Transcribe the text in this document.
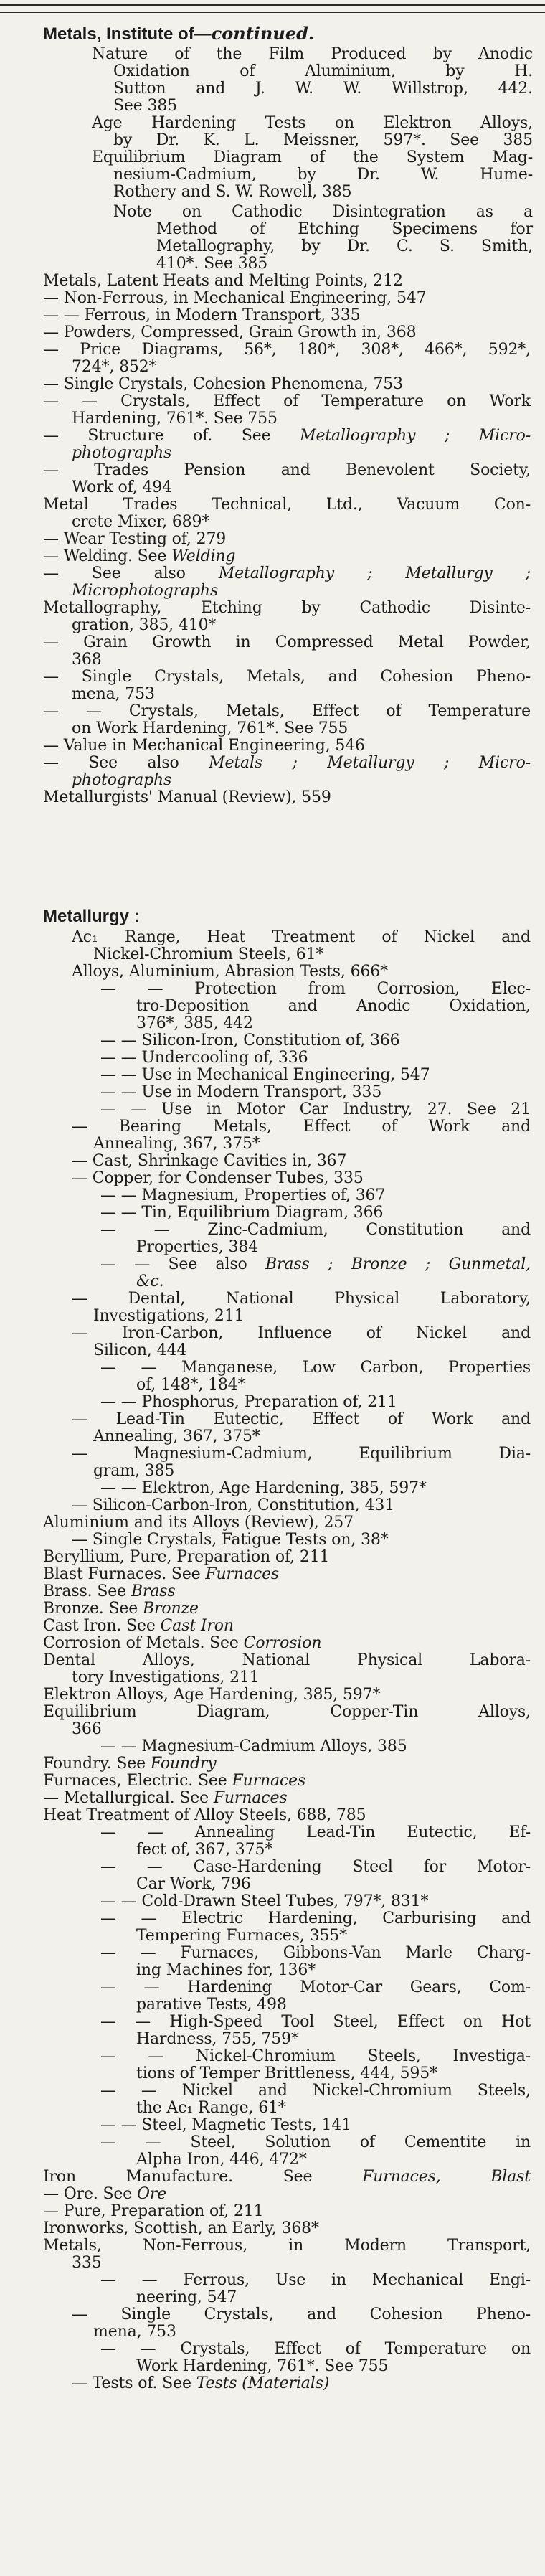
Metals, Institute of—continued.
Metallurgy :
Nature of the Film Produced by Anodic
Oxidation of Aluminium, by H.
Sutton and J. W. W. Willstrop, 442.
See 385
Age Hardening Tests on Elektron Alloys,
by Dr. K. L. Meissner, 597*. See 385
Equilibrium Diagram of the System Mag-
nesium-Cadmium, by Dr. W. Hume-
Rothery and S. W. Rowell, 385
Note on Cathodic Disintegration as a
Method of Etching Specimens for
Metallography, by Dr. C. S. Smith,
410*. See 385
Metals, Latent Heats and Melting Points, 212
— Non-Ferrous, in Mechanical Engineering, 547
— — Ferrous, in Modern Transport, 335
— Powders, Compressed, Grain Growth in, 368
— Price Diagrams, 56*, 180*, 308*, 466*, 592*,
724*, 852*
— Single Crystals, Cohesion Phenomena, 753
— — Crystals, Effect of Temperature on Work
Hardening, 761*. See 755
— Structure of. See Metallography ; Micro-
photographs
— Trades Pension and Benevolent Society,
Work of, 494
Metal Trades Technical, Ltd., Vacuum Con-
crete Mixer, 689*
— Wear Testing of, 279
— Welding. See Welding
— See also Metallography ; Metallurgy ;
Microphotographs
Metallography, Etching by Cathodic Disinte-
gration, 385, 410*
— Grain Growth in Compressed Metal Powder,
368
— Single Crystals, Metals, and Cohesion Pheno-
mena, 753
— — Crystals, Metals, Effect of Temperature
on Work Hardening, 761*. See 755
— Value in Mechanical Engineering, 546
— See also Metals ; Metallurgy ; Micro-
photographs
Metallurgists' Manual (Review), 559
Ac₁ Range, Heat Treatment of Nickel and
Nickel-Chromium Steels, 61*
Alloys, Aluminium, Abrasion Tests, 666*
— — Protection from Corrosion, Elec-
tro-Deposition and Anodic Oxidation,
376*, 385, 442
— — Silicon-Iron, Constitution of, 366
— — Undercooling of, 336
— — Use in Mechanical Engineering, 547
— — Use in Modern Transport, 335
— — Use in Motor Car Industry, 27. See 21
— Bearing Metals, Effect of Work and
Annealing, 367, 375*
— Cast, Shrinkage Cavities in, 367
— Copper, for Condenser Tubes, 335
— — Magnesium, Properties of, 367
— — Tin, Equilibrium Diagram, 366
— — Zinc-Cadmium, Constitution and
Properties, 384
— — See also Brass ; Bronze ; Gunmetal,
&c.
— Dental, National Physical Laboratory,
Investigations, 211
— Iron-Carbon, Influence of Nickel and
Silicon, 444
— — Manganese, Low Carbon, Properties
of, 148*, 184*
— — Phosphorus, Preparation of, 211
— Lead-Tin Eutectic, Effect of Work and
Annealing, 367, 375*
— Magnesium-Cadmium, Equilibrium Dia-
gram, 385
— — Elektron, Age Hardening, 385, 597*
— Silicon-Carbon-Iron, Constitution, 431
Aluminium and its Alloys (Review), 257
— Single Crystals, Fatigue Tests on, 38*
Beryllium, Pure, Preparation of, 211
Blast Furnaces. See Furnaces
Brass. See Brass
Bronze. See Bronze
Cast Iron. See Cast Iron
Corrosion of Metals. See Corrosion
Dental Alloys, National Physical Labora-
tory Investigations, 211
Elektron Alloys, Age Hardening, 385, 597*
Equilibrium Diagram, Copper-Tin Alloys,
366
— — Magnesium-Cadmium Alloys, 385
Foundry. See Foundry
Furnaces, Electric. See Furnaces
— Metallurgical. See Furnaces
Heat Treatment of Alloy Steels, 688, 785
— — Annealing Lead-Tin Eutectic, Ef-
fect of, 367, 375*
— — Case-Hardening Steel for Motor-
Car Work, 796
— — Cold-Drawn Steel Tubes, 797*, 831*
— — Electric Hardening, Carburising and
Tempering Furnaces, 355*
— — Furnaces, Gibbons-Van Marle Charg-
ing Machines for, 136*
— — Hardening Motor-Car Gears, Com-
parative Tests, 498
— — High-Speed Tool Steel, Effect on Hot
Hardness, 755, 759*
— — Nickel-Chromium Steels, Investiga-
tions of Temper Brittleness, 444, 595*
— — Nickel and Nickel-Chromium Steels,
the Ac₁ Range, 61*
— — Steel, Magnetic Tests, 141
— — Steel, Solution of Cementite in
Alpha Iron, 446, 472*
Iron Manufacture. See Furnaces, Blast
— Ore. See Ore
— Pure, Preparation of, 211
Ironworks, Scottish, an Early, 368*
Metals, Non-Ferrous, in Modern Transport,
335
— — Ferrous, Use in Mechanical Engi-
neering, 547
— Single Crystals, and Cohesion Pheno-
mena, 753
— — Crystals, Effect of Temperature on
Work Hardening, 761*. See 755
— Tests of. See Tests (Materials)
